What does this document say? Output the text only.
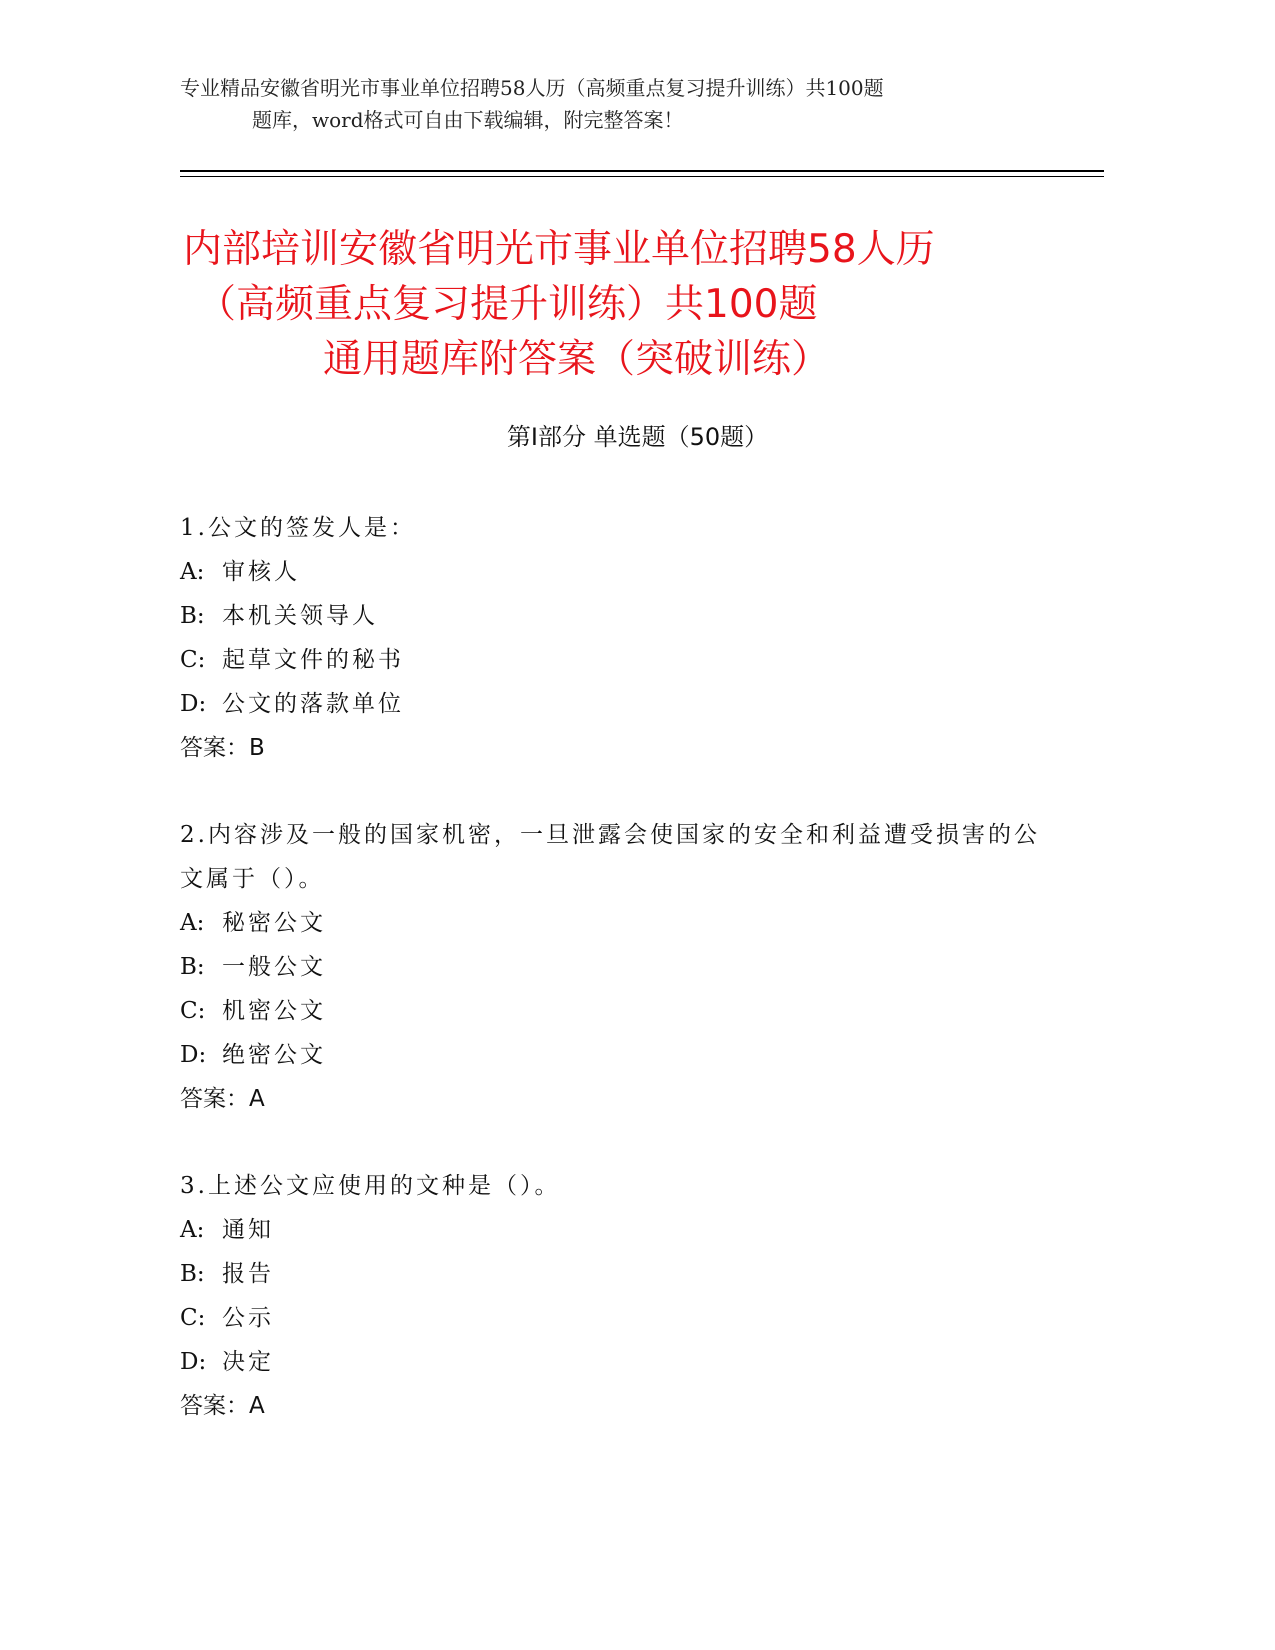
专业精品安徽省明光市事业单位招聘58人历（高频重点复习提升训练）共100题
题库，word格式可自由下载编辑，附完整答案！
内部培训安徽省明光市事业单位招聘58人历
（高频重点复习提升训练）共100题
通用题库附答案（突破训练）
第I部分 单选题（50题）
1.公文的签发人是：
A: 审核人
B: 本机关领导人
C: 起草文件的秘书
D: 公文的落款单位
答案：B
2.内容涉及一般的国家机密，一旦泄露会使国家的安全和利益遭受损害的公文属于（）。
A: 秘密公文
B: 一般公文
C: 机密公文
D: 绝密公文
答案：A
3.上述公文应使用的文种是（）。
A: 通知
B: 报告
C: 公示
D: 决定
答案：A
